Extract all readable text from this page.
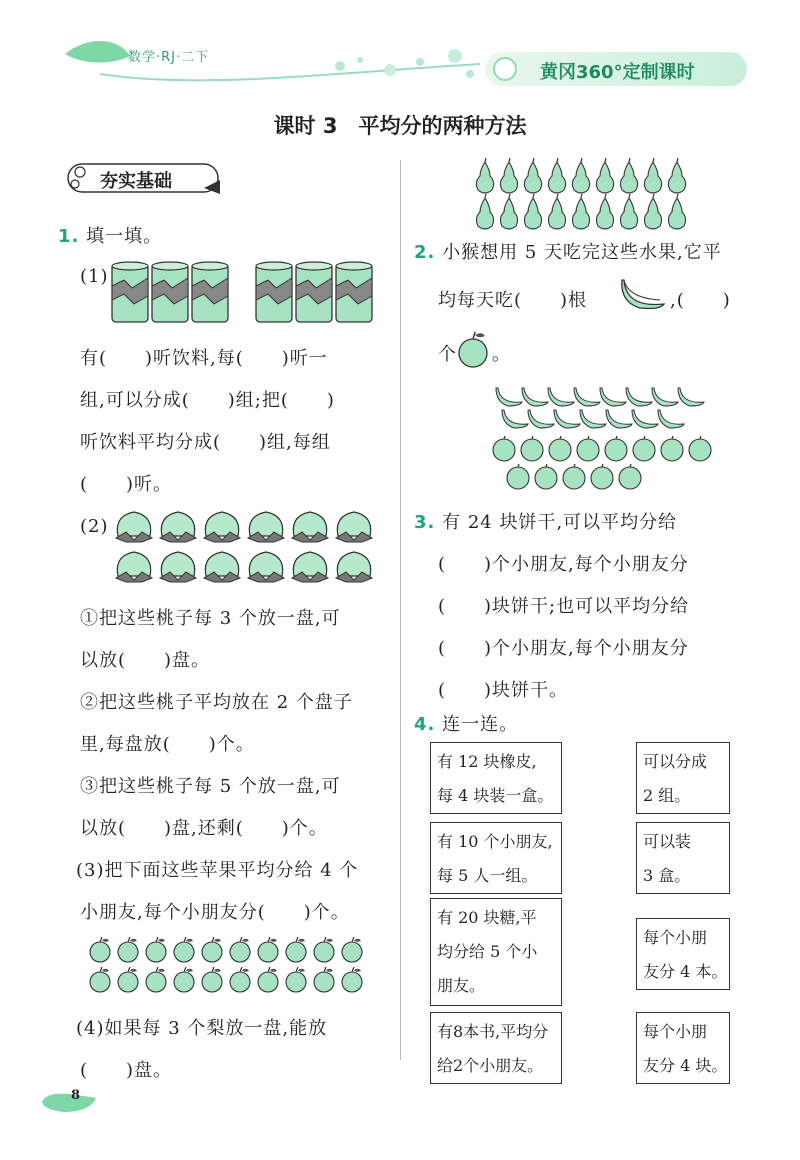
数学·RJ·二下
黄冈360°定制课时
课时 3　平均分的两种方法
夯实基础
1. 填一填。
(1)
有(　　)听饮料,每(　　)听一
组,可以分成(　　)组;把(　　)
听饮料平均分成(　　)组,每组
(　　)听。
(2)
①把这些桃子每 3 个放一盘,可
以放(　　)盘。
②把这些桃子平均放在 2 个盘子
里,每盘放(　　)个。
③把这些桃子每 5 个放一盘,可
以放(　　)盘,还剩(　　)个。
(3)把下面这些苹果平均分给 4 个
小朋友,每个小朋友分(　　)个。
(4)如果每 3 个梨放一盘,能放
(　　)盘。
2. 小猴想用 5 天吃完这些水果,它平
均每天吃(　　)根	,(　　)
个 。
3. 有 24 块饼干,可以平均分给
(　　)个小朋友,每个小朋友分
(　　)块饼干;也可以平均分给
(　　)个小朋友,每个小朋友分
(　　)块饼干。
4. 连一连。
有 12 块橡皮,
每 4 块装一盒。
有 10 个小朋友,
每 5 人一组。
有 20 块糖,平
均分给 5 个小
朋友。
有8本书,平均分
给2个小朋友。
可以分成
2 组。
可以装
3 盒。
每个小朋
友分 4 本。
每个小朋
友分 4 块。
8
